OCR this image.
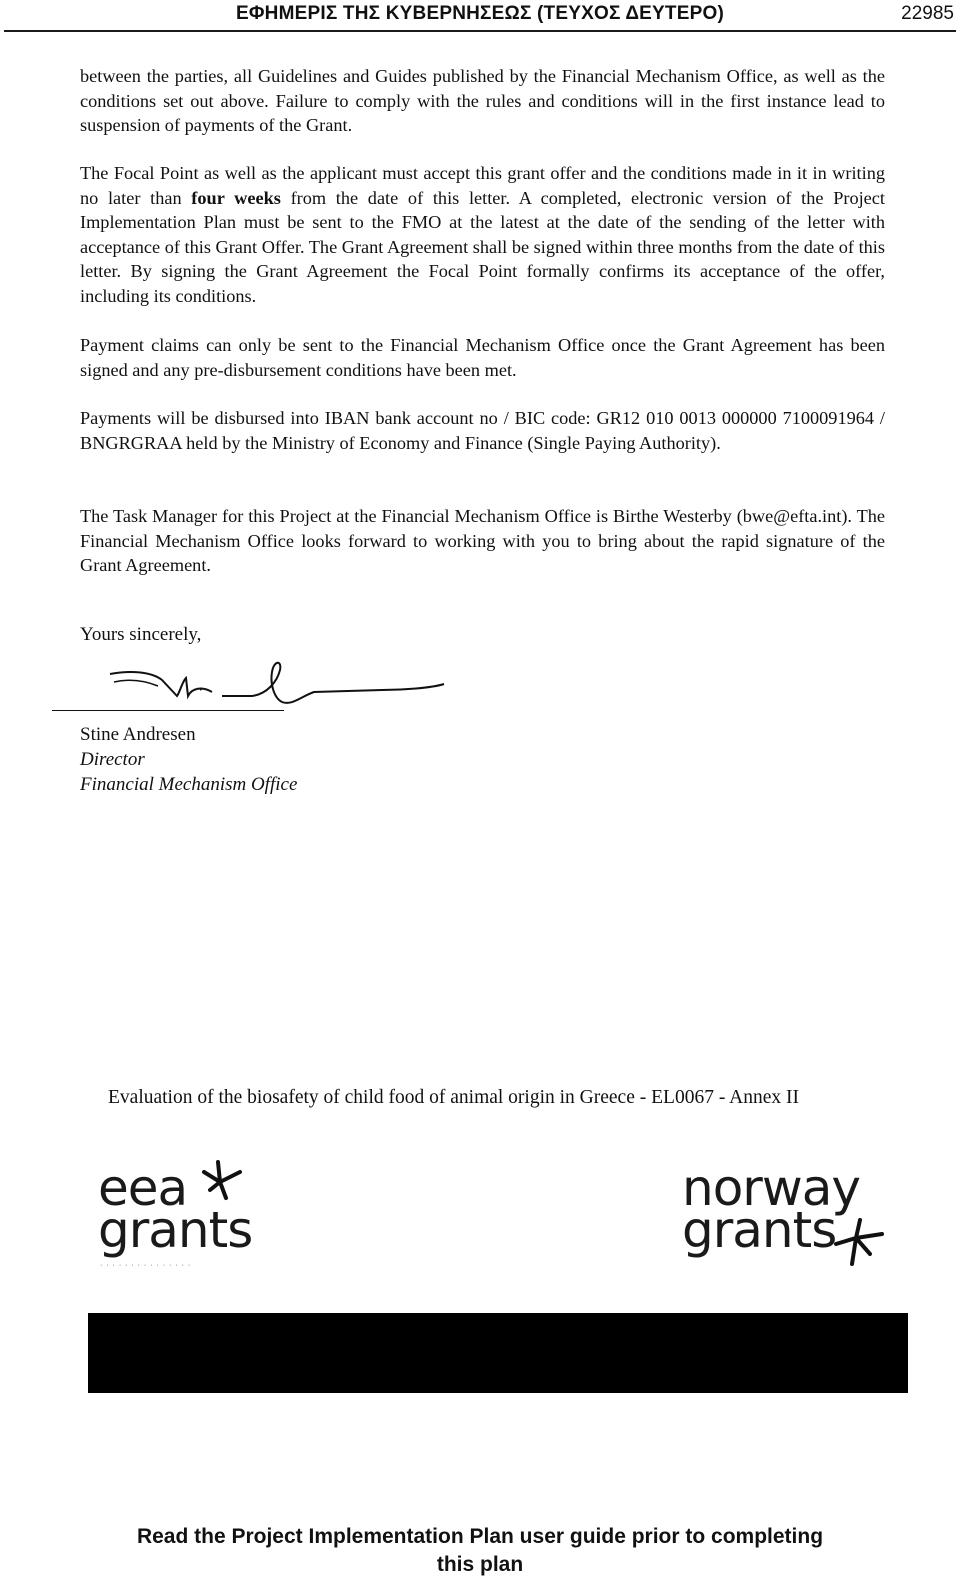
ΕΦΗΜΕΡΙΣ ΤΗΣ ΚΥΒΕΡΝΗΣΕΩΣ (ΤΕΥΧΟΣ ΔΕΥΤΕΡΟ)	22985

between the parties, all Guidelines and Guides published by the Financial Mechanism Office, as well as the conditions set out above. Failure to comply with the rules and conditions will in the first instance lead to suspension of payments of the Grant.

The Focal Point as well as the applicant must accept this grant offer and the conditions made in it in writing no later than four weeks from the date of this letter. A completed, electronic version of the Project Implementation Plan must be sent to the FMO at the latest at the date of the sending of the letter with acceptance of this Grant Offer. The Grant Agreement shall be signed within three months from the date of this letter. By signing the Grant Agreement the Focal Point formally confirms its acceptance of the offer, including its conditions.

Payment claims can only be sent to the Financial Mechanism Office once the Grant Agreement has been signed and any pre-disbursement conditions have been met.

Payments will be disbursed into IBAN bank account no / BIC code: GR12 010 0013 000000 7100091964 / BNGRGRAA held by the Ministry of Economy and Finance (Single Paying Authority).

The Task Manager for this Project at the Financial Mechanism Office is Birthe Westerby (bwe@efta.int). The Financial Mechanism Office looks forward to working with you to bring about the rapid signature of the Grant Agreement.

Yours sincerely,
Stine Andresen
Director
Financial Mechanism Office
Evaluation of the biosafety of child food of animal origin in Greece - EL0067 - Annex II
eea
grants
· · · · · · · · · · · · · · ·
norway
grants
Read the Project Implementation Plan user guide prior to completing
this plan
